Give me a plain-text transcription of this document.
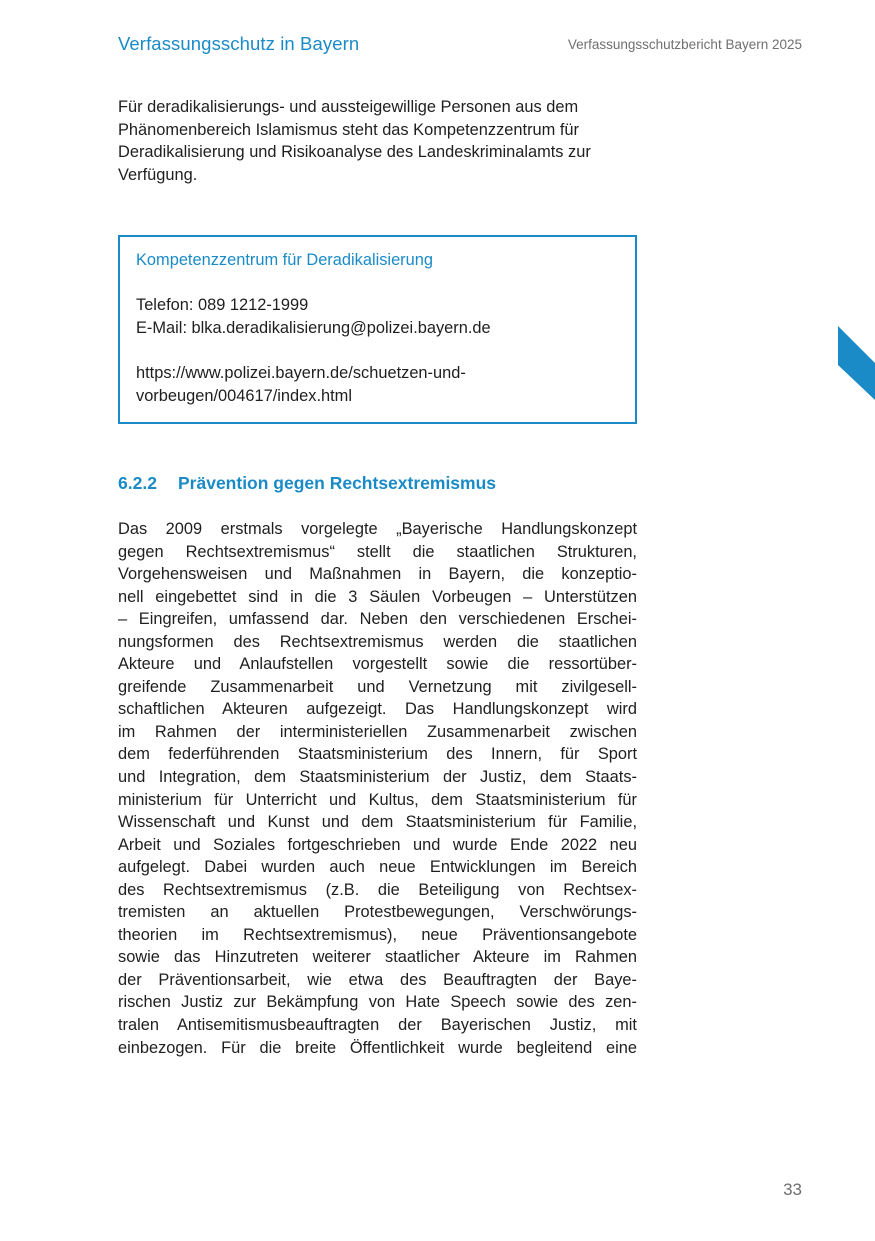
Verfassungsschutz in Bayern	Verfassungsschutzbericht Bayern 2025

Für deradikalisierungs- und aussteigewillige Personen aus dem Phänomenbereich Islamismus steht das Kompetenzzentrum für Deradikalisierung und Risikoanalyse des Landeskriminalamts zur Verfügung.

Kompetenzzentrum für Deradikalisierung

Telefon: 089 1212-1999

E-Mail: blka.deradikalisierung@polizei.bayern.de

https://www.polizei.bayern.de/schuetzen-und-

vorbeugen/004617/index.html

6.2.2 Prävention gegen Rechtsextremismus
Das 2009 erstmals vorgelegte „Bayerische Handlungskonzept
gegen Rechtsextremismus“ stellt die staatlichen Strukturen,
Vorgehensweisen und Maßnahmen in Bayern, die konzeptio-
nell eingebettet sind in die 3 Säulen Vorbeugen – Unterstützen
– Eingreifen, umfassend dar. Neben den verschiedenen Erschei-
nungsformen des Rechtsextremismus werden die staatlichen
Akteure und Anlaufstellen vorgestellt sowie die ressortüber-
greifende Zusammenarbeit und Vernetzung mit zivilgesell-
schaftlichen Akteuren aufgezeigt. Das Handlungskonzept wird
im Rahmen der interministeriellen Zusammenarbeit zwischen
dem federführenden Staatsministerium des Innern, für Sport
und Integration, dem Staatsministerium der Justiz, dem Staats-
ministerium für Unterricht und Kultus, dem Staatsministerium für
Wissenschaft und Kunst und dem Staatsministerium für Familie,
Arbeit und Soziales fortgeschrieben und wurde Ende 2022 neu
aufgelegt. Dabei wurden auch neue Entwicklungen im Bereich
des Rechtsextremismus (z.B. die Beteiligung von Rechtsex-
tremisten an aktuellen Protestbewegungen, Verschwörungs-
theorien im Rechtsextremismus), neue Präventionsangebote
sowie das Hinzutreten weiterer staatlicher Akteure im Rahmen
der Präventionsarbeit, wie etwa des Beauftragten der Baye-
rischen Justiz zur Bekämpfung von Hate Speech sowie des zen-
tralen Antisemitismusbeauftragten der Bayerischen Justiz, mit
einbezogen. Für die breite Öffentlichkeit wurde begleitend eine
33
